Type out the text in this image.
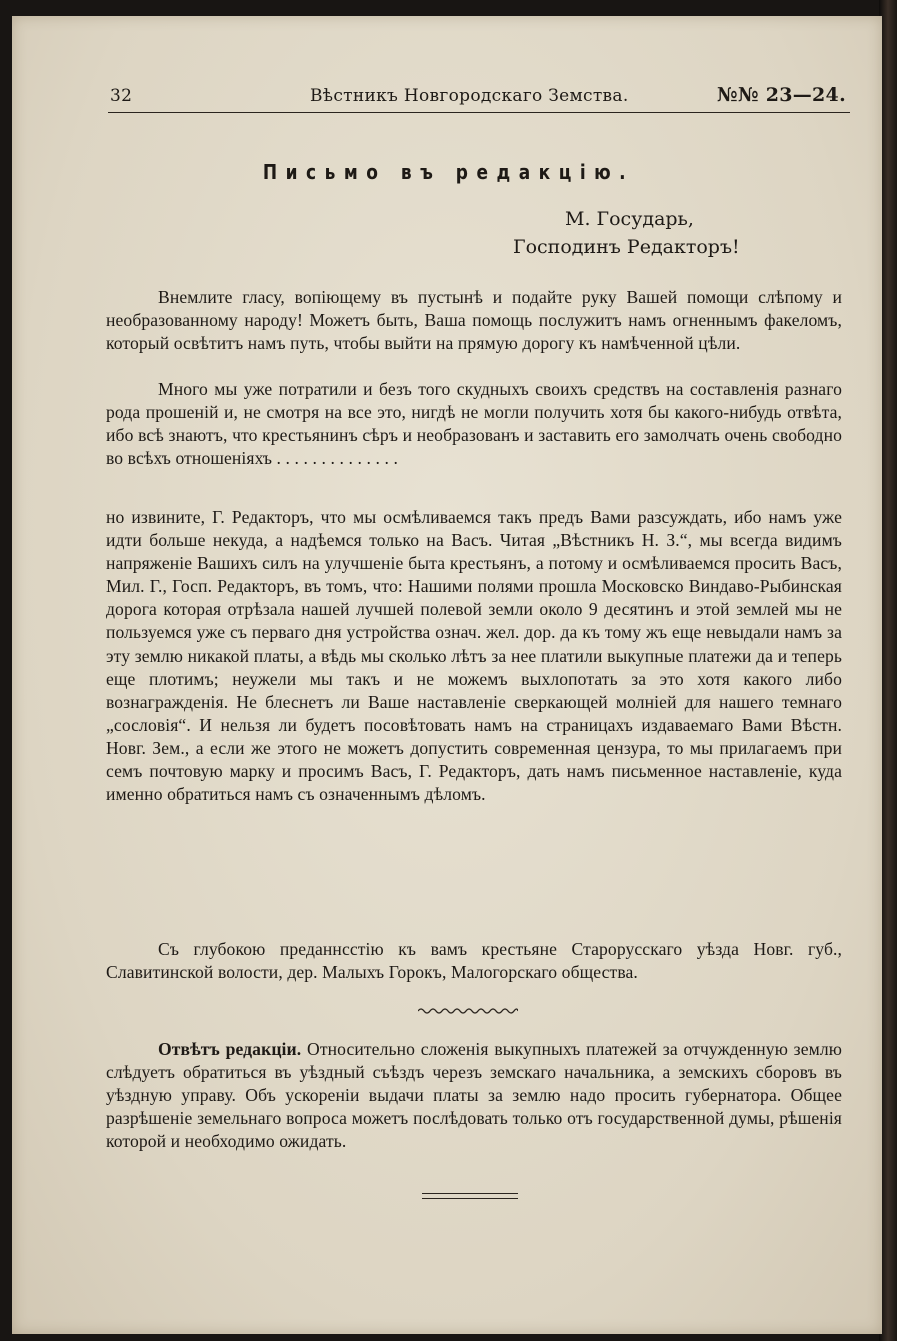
32	Вѣстникъ Новгородскаго Земства.	№№ 23—24.
Письмо въ редакцію.
М. Государь,
Господинъ Редакторъ!

Внемлите гласу, вопіющему въ пустынѣ и подайте руку Вашей помощи слѣпому и необразованному народу! Можетъ быть, Ваша помощь послужитъ намъ огненнымъ факеломъ, который освѣтитъ намъ путь, чтобы выйти на прямую дорогу къ намѣченной цѣли.

Много мы уже потратили и безъ того скудныхъ своихъ средствъ на составленія разнаго рода прошеній и, не смотря на все это, нигдѣ не могли получить хотя бы какого-нибудь отвѣта, ибо всѣ знаютъ, что крестьянинъ сѣръ и необразованъ и заставить его замолчать очень свободно во всѣхъ отношеніяхъ . . . . . . . . . . . . . .

но извините, Г. Редакторъ, что мы осмѣливаемся такъ предъ Вами разсуждать, ибо намъ уже идти больше некуда, а надѣемся только на Васъ. Читая „Вѣстникъ Н. З.“, мы всегда видимъ напряженіе Вашихъ силъ на улучшеніе быта крестьянъ, а потому и осмѣливаемся просить Васъ, Мил. Г., Госп. Редакторъ, въ томъ, что: Нашими полями прошла Московско Виндаво-Рыбинская дорога которая отрѣзала нашей лучшей полевой земли около 9 десятинъ и этой землей мы не пользуемся уже съ перваго дня устройства означ. жел. дор. да къ тому жъ еще невыдали намъ за эту землю никакой платы, а вѣдь мы сколько лѣтъ за нее платили выкупные платежи да и теперь еще плотимъ; неужели мы такъ и не можемъ выхлопотать за это хотя какого либо вознагражденія. Не блеснетъ ли Ваше наставленіе сверкающей молніей для нашего темнаго „сословія“. И нельзя ли будетъ посовѣтовать намъ на страницахъ издаваемаго Вами Вѣстн. Новг. Зем., а если же этого не можетъ допустить современная цензура, то мы прилагаемъ при семъ почтовую марку и просимъ Васъ, Г. Редакторъ, дать намъ письменное наставленіе, куда именно обратиться намъ съ означеннымъ дѣломъ.

Съ глубокою преданнсстію къ вамъ крестьяне Старорусскаго уѣзда Новг. губ., Славитинской волости, дер. Малыхъ Горокъ, Малогорскаго общества.

Отвѣтъ редакціи. Относительно сложенія выкупныхъ платежей за отчужденную землю слѣдуетъ обратиться въ уѣздный съѣздъ черезъ земскаго начальника, а земскихъ сборовъ въ уѣздную управу. Объ ускореніи выдачи платы за землю надо просить губернатора. Общее разрѣшеніе земельнаго вопроса можетъ послѣдовать только отъ государственной думы, рѣшенія которой и необходимо ожидать.
